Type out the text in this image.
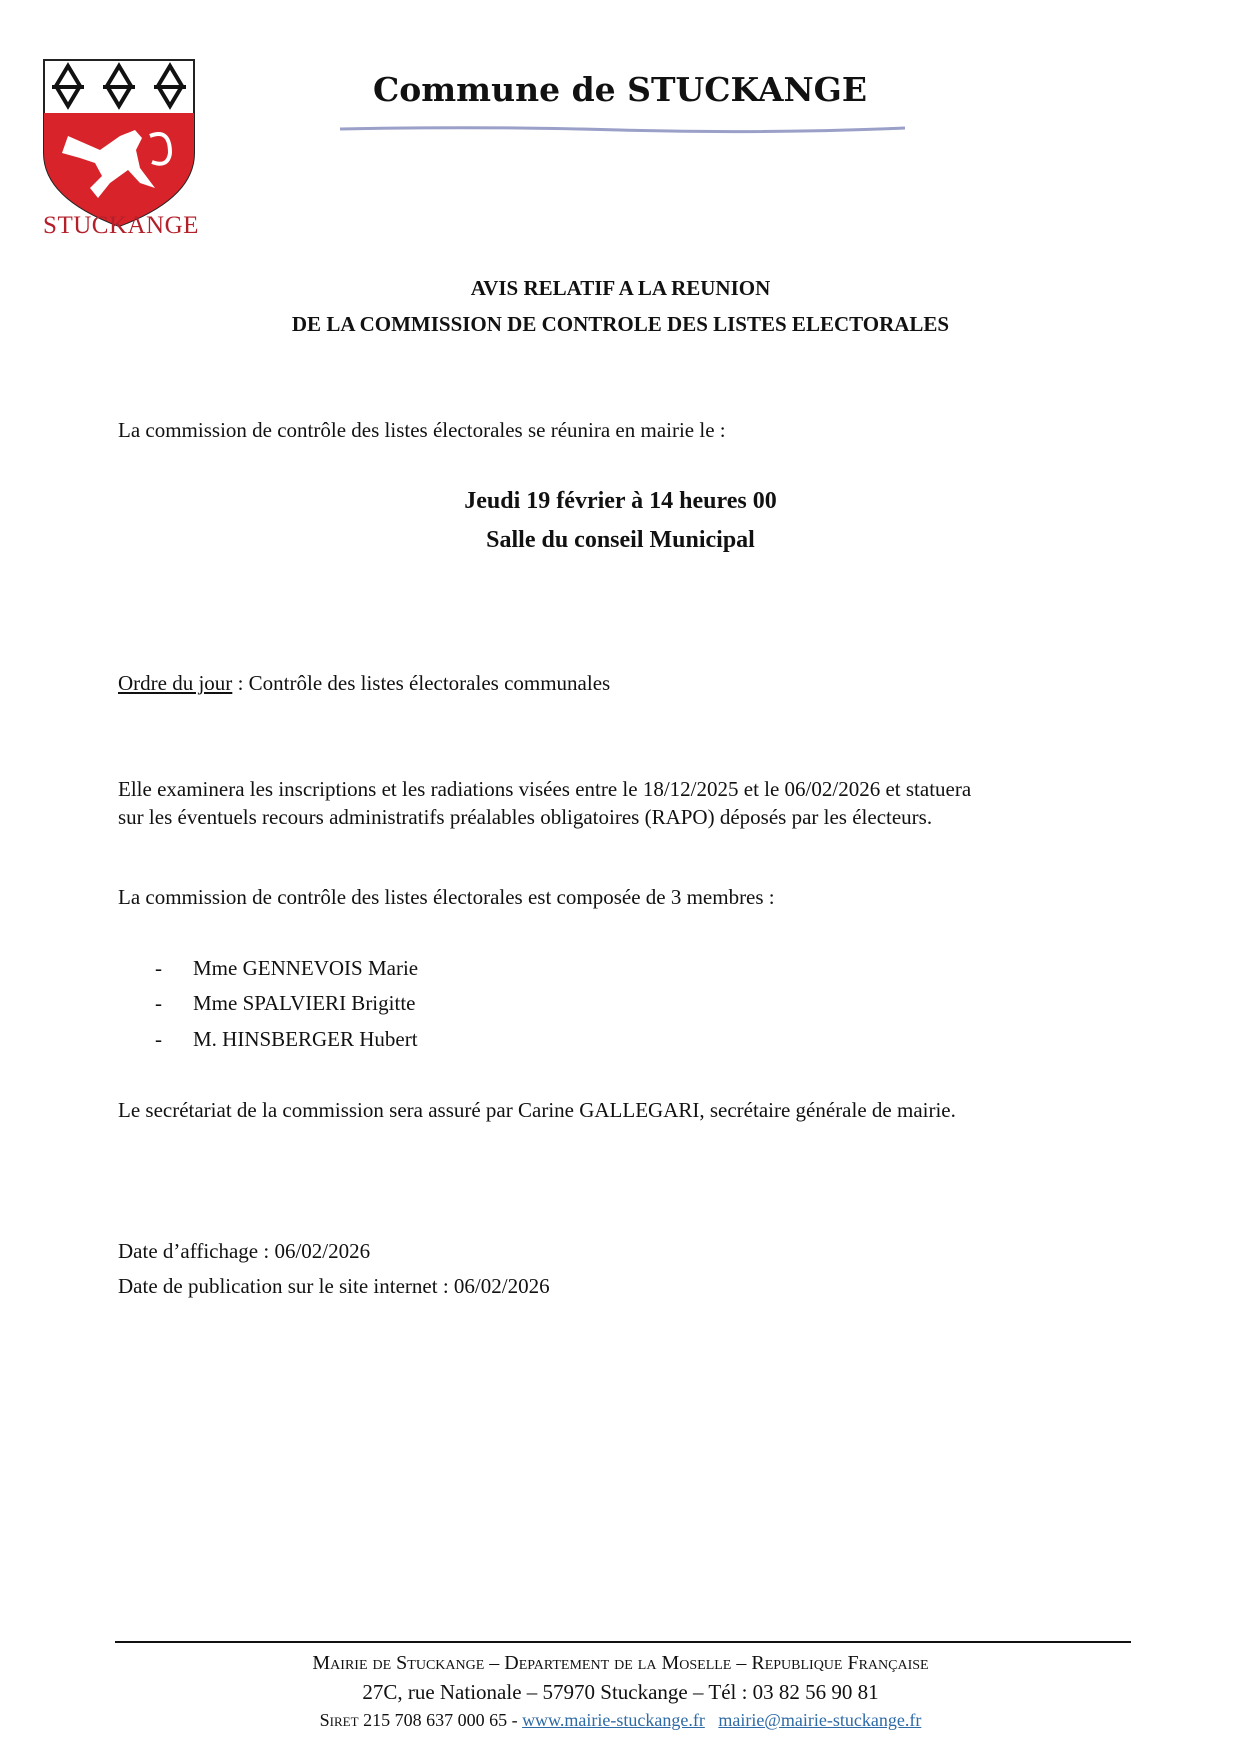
STUCKANGE
Commune de STUCKANGE
AVIS RELATIF A LA REUNION
DE LA COMMISSION DE CONTROLE DES LISTES ELECTORALES
La commission de contrôle des listes électorales se réunira en mairie le :
Jeudi 19 février à 14 heures 00
Salle du conseil Municipal
Ordre du jour : Contrôle des listes électorales communales
Elle examinera les inscriptions et les radiations visées entre le 18/12/2025 et le 06/02/2026 et statuera
sur les éventuels recours administratifs préalables obligatoires (RAPO) déposés par les électeurs.
La commission de contrôle des listes électorales est composée de 3 membres :
- Mme GENNEVOIS Marie
- Mme SPALVIERI Brigitte
- M. HINSBERGER Hubert
Le secrétariat de la commission sera assuré par Carine GALLEGARI, secrétaire générale de mairie.
Date d’affichage : 06/02/2026
Date de publication sur le site internet : 06/02/2026
Mairie de Stuckange – Departement de la Moselle – Republique Française
27C, rue Nationale – 57970 Stuckange – Tél : 03 82 56 90 81
Siret 215 708 637 000 65 - www.mairie-stuckange.fr mairie@mairie-stuckange.fr
